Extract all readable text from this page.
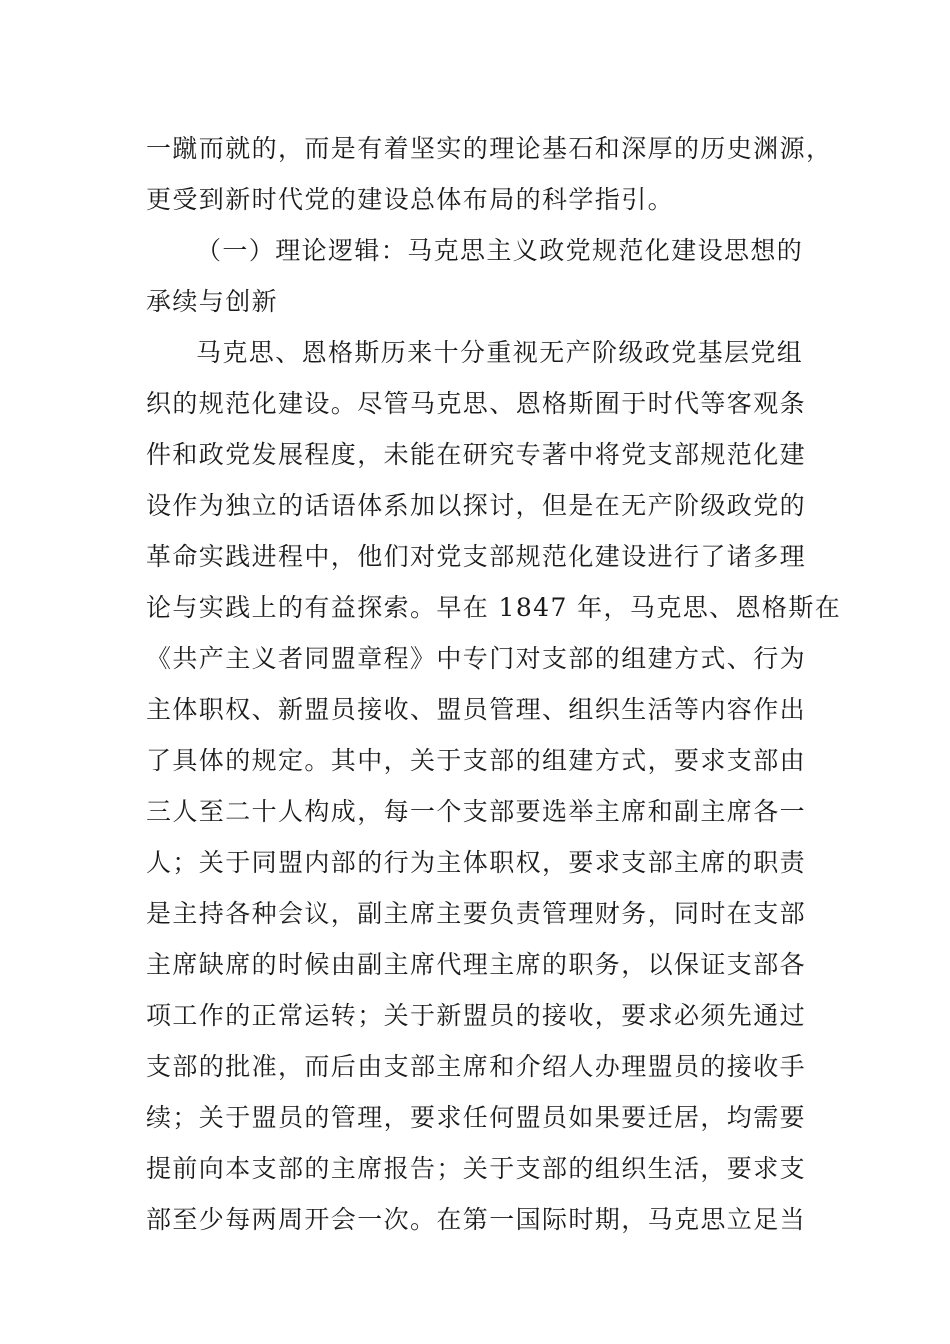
一蹴而就的，而是有着坚实的理论基石和深厚的历史渊源，
更受到新时代党的建设总体布局的科学指引。
（一）理论逻辑：马克思主义政党规范化建设思想的
承续与创新
马克思、恩格斯历来十分重视无产阶级政党基层党组
织的规范化建设。尽管马克思、恩格斯囿于时代等客观条
件和政党发展程度，未能在研究专著中将党支部规范化建
设作为独立的话语体系加以探讨，但是在无产阶级政党的
革命实践进程中，他们对党支部规范化建设进行了诸多理
论与实践上的有益探索。早在 1847 年，马克思、恩格斯在
《共产主义者同盟章程》中专门对支部的组建方式、行为
主体职权、新盟员接收、盟员管理、组织生活等内容作出
了具体的规定。其中，关于支部的组建方式，要求支部由
三人至二十人构成，每一个支部要选举主席和副主席各一
人；关于同盟内部的行为主体职权，要求支部主席的职责
是主持各种会议，副主席主要负责管理财务，同时在支部
主席缺席的时候由副主席代理主席的职务，以保证支部各
项工作的正常运转；关于新盟员的接收，要求必须先通过
支部的批准，而后由支部主席和介绍人办理盟员的接收手
续；关于盟员的管理，要求任何盟员如果要迁居，均需要
提前向本支部的主席报告；关于支部的组织生活，要求支
部至少每两周开会一次。在第一国际时期，马克思立足当
